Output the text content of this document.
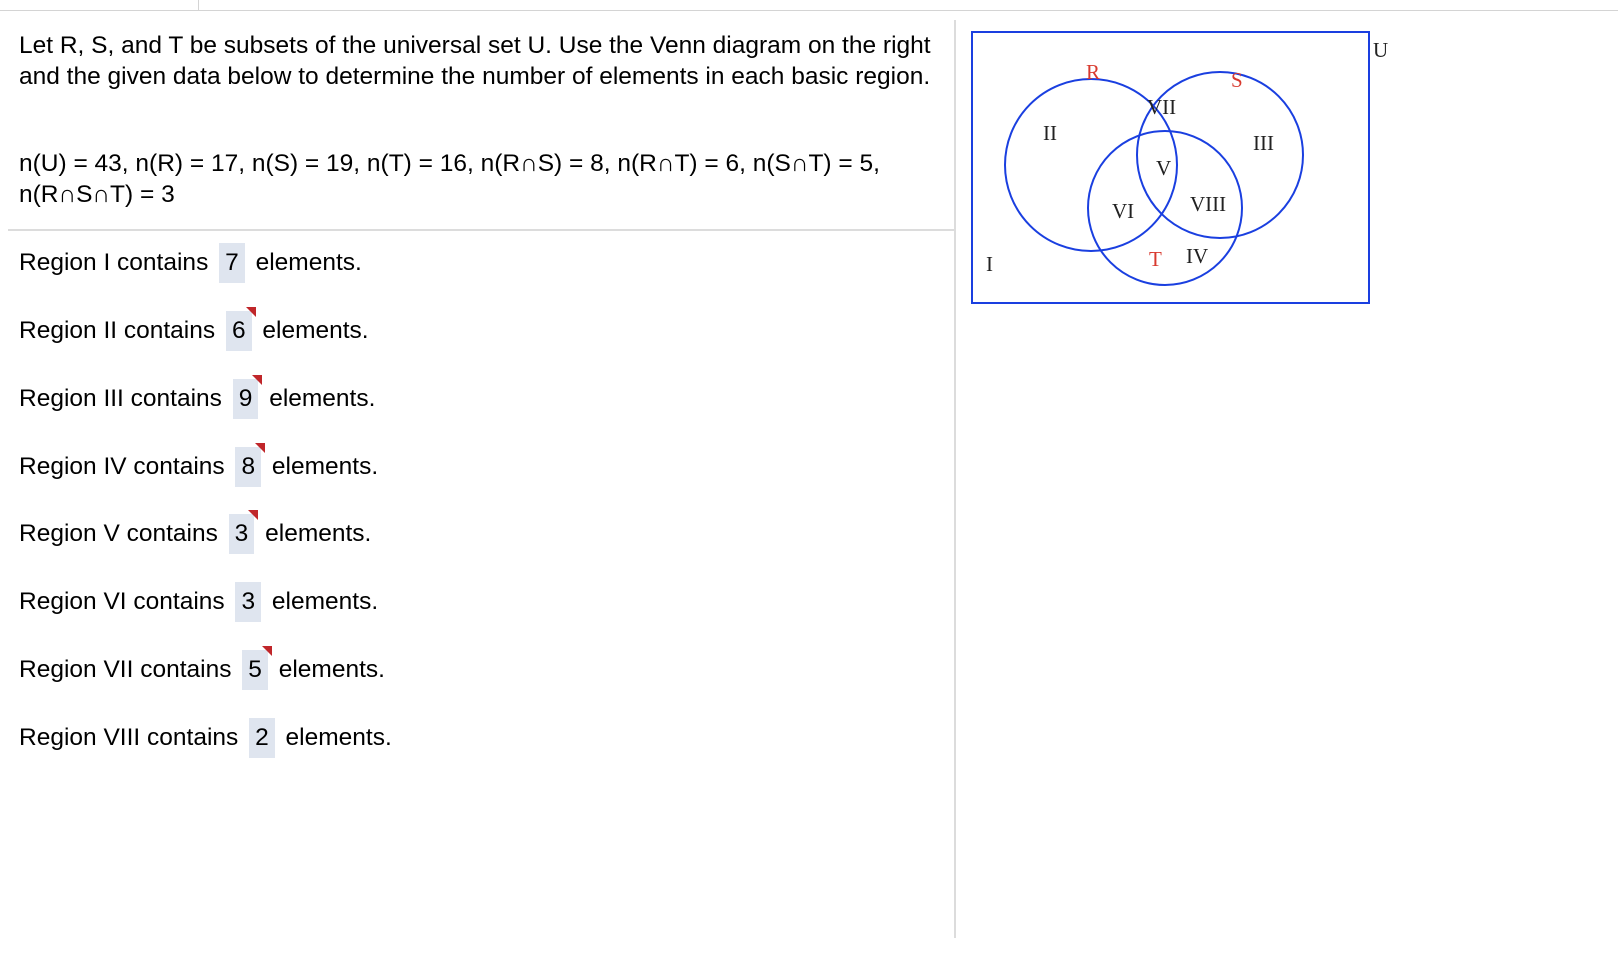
Let R, S, and T be subsets of the universal set U. Use the Venn diagram on the right and the given data below to determine the number of elements in each basic region.
n(U) = 43, n(R) = 17, n(S) = 19, n(T) = 16, n(R∩S) = 8, n(R∩T) = 6, n(S∩T) = 5,
n(R∩S∩T) = 3
Region I contains 7 elements.
Region II contains 6 elements.
Region III contains 9 elements.
Region IV contains 8 elements.
Region V contains 3 elements.
Region VI contains 3 elements.
Region VII contains 5 elements.
Region VIII contains 2 elements.
U
R	S
T
I
II	III
IV
V
VI
VII
VIII
